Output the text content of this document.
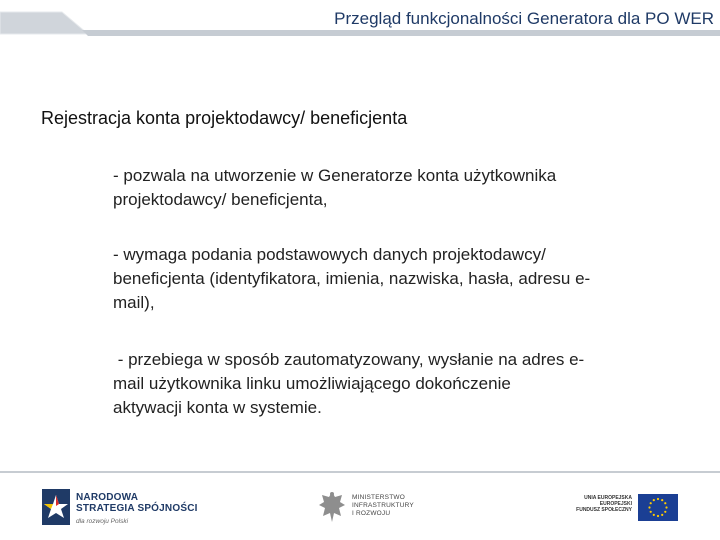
Przegląd funkcjonalności Generatora dla PO WER
Rejestracja konta projektodawcy/ beneficjenta
- pozwala na utworzenie w Generatorze konta użytkownika
projektodawcy/ beneficjenta,
- wymaga podania podstawowych danych projektodawcy/
beneficjenta (identyfikatora, imienia, nazwiska, hasła, adresu e-
mail),
- przebiega w sposób zautomatyzowany, wysłanie na adres e-
mail użytkownika linku umożliwiającego dokończenie
aktywacji konta w systemie.
NARODOWA
STRATEGIA SPÓJNOŚCI
dla rozwoju Polski
MINISTERSTWO
INFRASTRUKTURY
I ROZWOJU
UNIA EUROPEJSKA
EUROPEJSKI
FUNDUSZ SPOŁECZNY
